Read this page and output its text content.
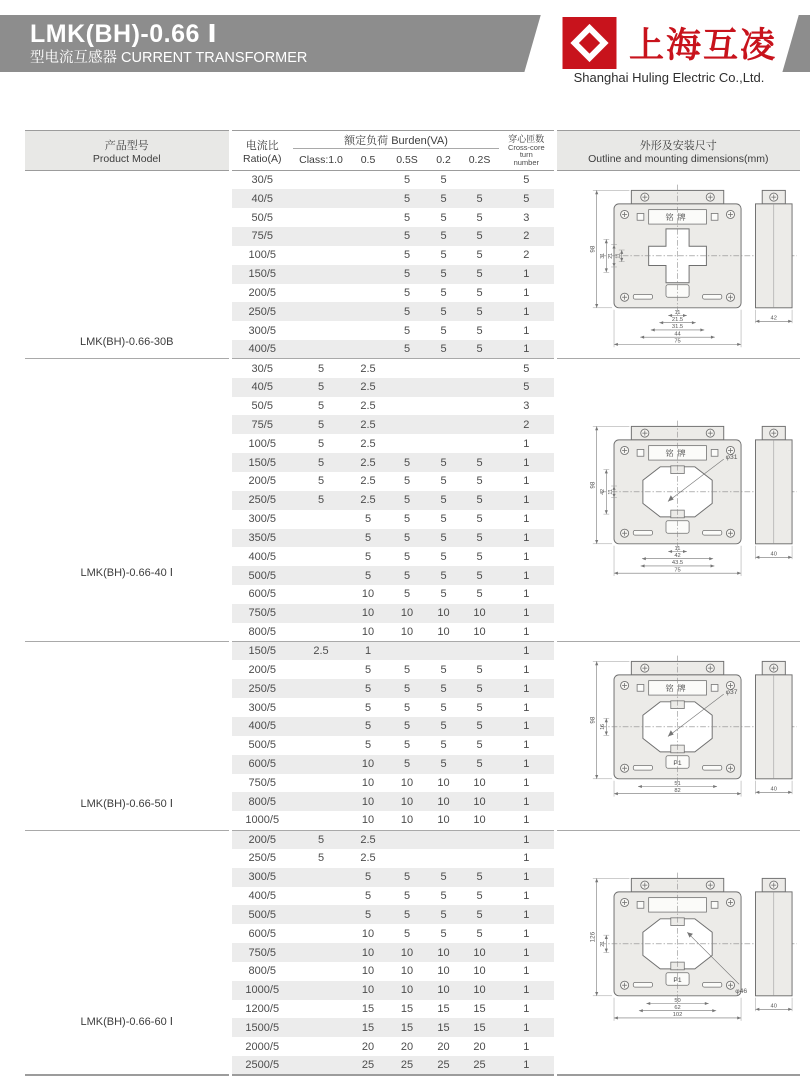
LMK(BH)-0.66 Ⅰ
型电流互感器 CURRENT TRANSFORMER	上海互凌
Shanghai Huling Electric Co.,Ltd.
产品型号
Product Model

电流比
Ratio(A)
	额定负荷 Burden(VA)	穿心匝数
Cross-core
turn
number

外形及安装尺寸
Outline and mounting dimensions(mm)

		Class:1.0	0.5	0.5S	0.2	0.2S		
LMK(BH)-0.66-30B	30/5			5	5		5	
铭牌
98
31 21 11
11
21.5
31.5
44
75
42

	40/5			5	5	5	5	
	50/5			5	5	5	3	
	75/5			5	5	5	2	
	100/5			5	5	5	2	
	150/5			5	5	5	1	
	200/5			5	5	5	1	
	250/5			5	5	5	1	
	300/5			5	5	5	1	
	400/5			5	5	5	1	
LMK(BH)-0.66-40 Ⅰ	30/5	5	2.5				5	
铭牌
98
42 11
11
42
43.5
75
φ31
40

	40/5	5	2.5				5	
	50/5	5	2.5				3	
	75/5	5	2.5				2	
	100/5	5	2.5				1	
	150/5	5	2.5	5	5	5	1	
	200/5	5	2.5	5	5	5	1	
	250/5	5	2.5	5	5	5	1	
	300/5		5	5	5	5	1	
	350/5		5	5	5	5	1	
	400/5		5	5	5	5	1	
	500/5		5	5	5	5	1	
	600/5		10	5	5	5	1	
	750/5		10	10	10	10	1	
	800/5		10	10	10	10	1	
LMK(BH)-0.66-50 Ⅰ	150/5	2.5	1				1	
铭牌
P1
98
16
51
82
φ37
40

	200/5		5	5	5	5	1	
	250/5		5	5	5	5	1	
	300/5		5	5	5	5	1	
	400/5		5	5	5	5	1	
	500/5		5	5	5	5	1	
	600/5		10	5	5	5	1	
	750/5		10	10	10	10	1	
	800/5		10	10	10	10	1	
	1000/5		10	10	10	10	1	
LMK(BH)-0.66-60 Ⅰ	200/5	5	2.5				1	
P1
126
21
50
62
102
φ46
40

	250/5	5	2.5				1	
	300/5		5	5	5	5	1	
	400/5		5	5	5	5	1	
	500/5		5	5	5	5	1	
	600/5		10	5	5	5	1	
	750/5		10	10	10	10	1	
	800/5		10	10	10	10	1	
	1000/5		10	10	10	10	1	
	1200/5		15	15	15	15	1	
	1500/5		15	15	15	15	1	
	2000/5		20	20	20	20	1	
	2500/5		25	25	25	25	1	
